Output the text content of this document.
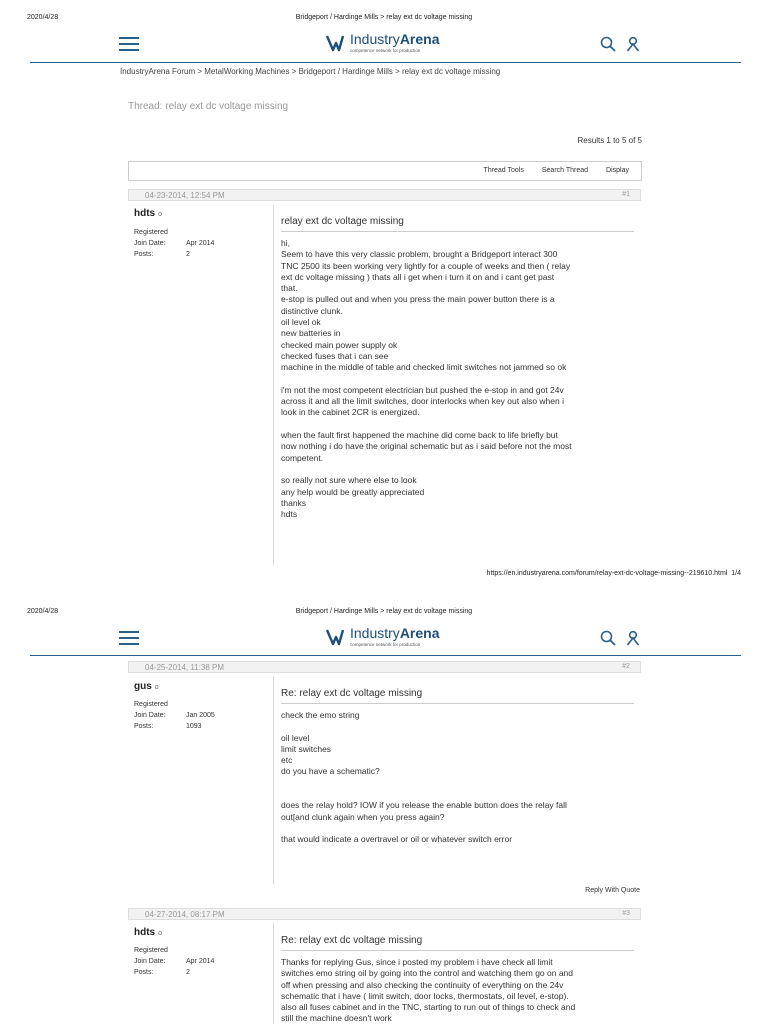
2020/4/28	Bridgeport / Hardinge Mills > relay ext dc voltage missing
IndustryArena
competence network for production
IndustryArena Forum > MetalWorking Machines > Bridgeport / Hardinge Mills > relay ext dc voltage missing
Thread: relay ext dc voltage missing
Results 1 to 5 of 5
Thread Tools	Search Thread	Display
04-23-2014, 12:54 PM	#1
hdts o
Registered
Join Date:	Apr 2014
Posts:	2
relay ext dc voltage missing
hi,
Seem to have this very classic problem, brought a Bridgeport interact 300
TNC 2500 its been working very lightly for a couple of weeks and then ( relay
ext dc voltage missing ) thats all i get when i turn it on and i cant get past
that.
e-stop is pulled out and when you press the main power button there is a
distinctive clunk.
oil level ok
new batteries in
checked main power supply ok
checked fuses that i can see
machine in the middle of table and checked limit switches not jammed so ok

i'm not the most competent electrician but pushed the e-stop in and got 24v
across it and all the limit switches, door interlocks when key out also when i
look in the cabinet 2CR is energized.

when the fault first happened the machine did come back to life briefly but
now nothing i do have the original schematic but as i said before not the most
competent.

so really not sure where else to look
any help would be greatly appreciated
thanks
hdts
https://en.industryarena.com/forum/relay-ext-dc-voltage-missing--219610.html 1/4
2020/4/28	Bridgeport / Hardinge Mills > relay ext dc voltage missing
IndustryArena
competence network for production
04-25-2014, 11:38 PM	#2
gus o
Registered
Join Date:	Jan 2005
Posts:	1093
Re: relay ext dc voltage missing
check the emo string

oil level
limit switches
etc
do you have a schematic?

does the relay hold? IOW if you release the enable button does the relay fall
out[and clunk again when you press again?

that would indicate a overtravel or oil or whatever switch error
Reply With Quote
04-27-2014, 08:17 PM	#3
hdts o
Registered
Join Date:	Apr 2014
Posts:	2
Re: relay ext dc voltage missing
Thanks for replying Gus, since i posted my problem i have check all limit
switches emo string oil by going into the control and watching them go on and
off when pressing and also checking the continuity of everything on the 24v
schematic that i have ( limit switch, door locks, thermostats, oil level, e-stop).
also all fuses cabinet and in the TNC, starting to run out of things to check and
still the machine doesn't work
